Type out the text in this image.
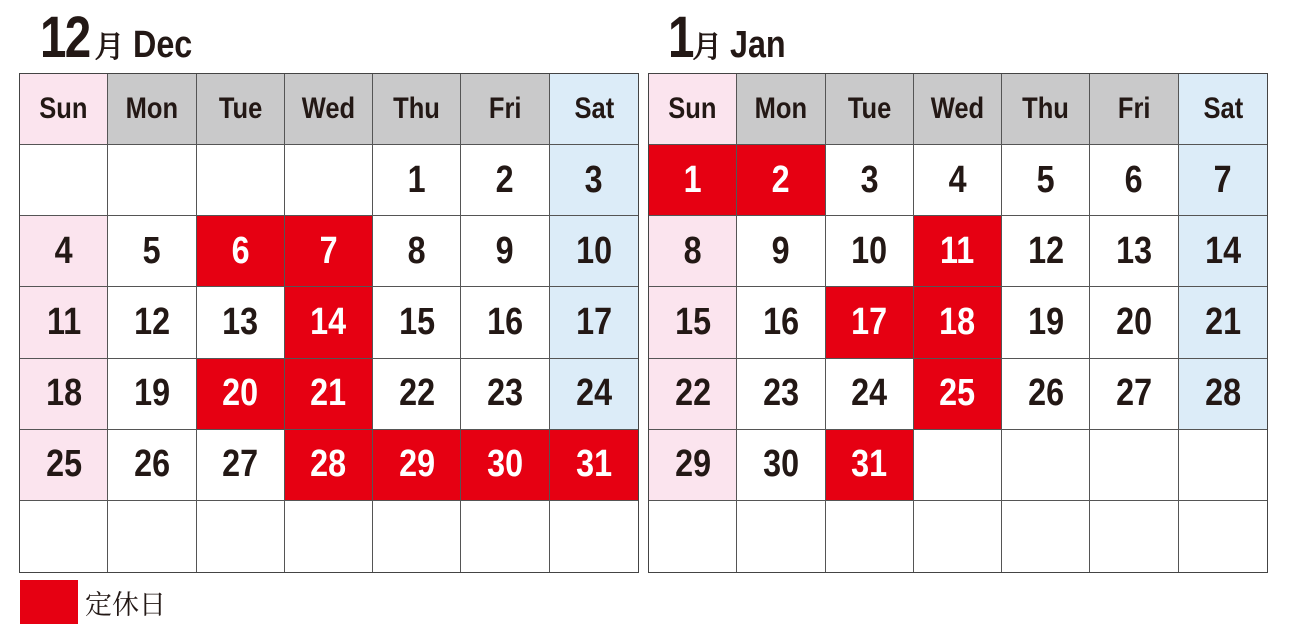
12 月 Dec
Sun Mon Tue Wed Thu Fri Sat
1 2 3
4 5 6 7 8 9 10
11 12 13 14 15 16 17
18 19 20 21 22 23 24
25 26 27 28 29 30 31
1 月 Jan
Sun Mon Tue Wed Thu Fri Sat
1 2 3 4 5 6 7
8 9 10 11 12 13 14
15 16 17 18 19 20 21
22 23 24 25 26 27 28
29 30 31
定休日
